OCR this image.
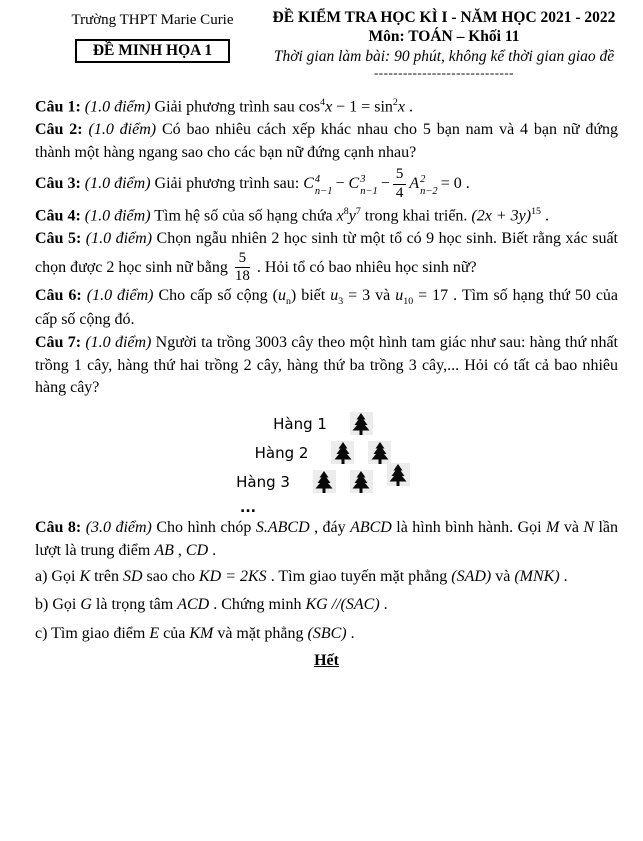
Trường THPT Marie Curie
ĐỀ MINH HỌA 1
ĐỀ KIỂM TRA HỌC KÌ I - NĂM HỌC 2021 - 2022
Môn: TOÁN – Khối 11
Thời gian làm bài: 90 phút, không kể thời gian giao đề
-----------------------------

Câu 1: (1.0 điểm) Giải phương trình sau $\cos^4x - 1 = \sin^2x$ .

Câu 2: (1.0 điểm) Có bao nhiêu cách xếp khác nhau cho 5 bạn nam và 4 bạn nữ đứng thành một hàng ngang sao cho các bạn nữ đứng cạnh nhau?

Câu 3: (1.0 điểm) Giải phương trình sau: C 4
n−1 − C 3
$n-1 - \frac{5}{4}$ A 2
n−2 = 0 .

Câu 4: (1.0 điểm) Tìm hệ số của số hạng chứa $x^8y^7$ trong khai triển. $(2x + 3y)^{15}$ .

Câu 5: (1.0 điểm) Chọn ngẫu nhiên 2 học sinh từ một tổ có 9 học sinh. Biết rằng xác suất chọn được 2 học sinh nữ bằng $\frac{5}{18}$ . Hỏi tổ có bao nhiêu học sinh nữ?

Câu 6: (1.0 điểm) Cho cấp số cộng $(u_n)$ biết $u_3 = 3$ và $u_{10} = 17$ . Tìm số hạng thứ 50 của cấp số cộng đó.

Câu 7: (1.0 điểm) Người ta trồng 3003 cây theo một hình tam giác như sau: hàng thứ nhất trồng 1 cây, hàng thứ hai trồng 2 cây, hàng thứ ba trồng 3 cây,... Hỏi có tất cả bao nhiêu hàng cây?

Hàng 1
Hàng 2
Hàng 3
...

Câu 8: (3.0 điểm) Cho hình chóp S.ABCD , đáy ABCD là hình bình hành. Gọi M và N lần lượt là trung điểm AB , CD .

a) Gọi K trên SD sao cho KD = 2KS . Tìm giao tuyến mặt phẳng (SAD) và (MNK) .

b) Gọi G là trọng tâm ACD . Chứng minh KG //(SAC) .

c) Tìm giao điểm E của KM và mặt phẳng (SBC) .

Hết
